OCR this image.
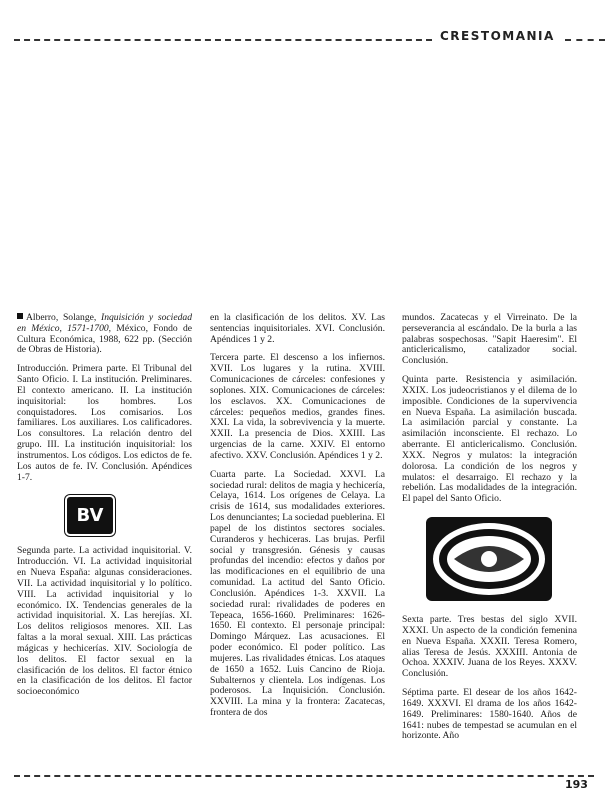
CRESTOMANIA

Alberro, Solange, Inquisición y sociedad en México, 1571-1700, México, Fondo de Cultura Económica, 1988, 622 pp. (Sección de Obras de Historia).

Introducción. Primera parte. El Tribunal del Santo Oficio. I. La institución. Preliminares. El contexto americano. II. La institución inquisitorial: los hombres. Los conquistadores. Los comisarios. Los familiares. Los auxiliares. Los calificadores. Los consultores. La relación dentro del grupo. III. La institución inquisitorial: los instrumentos. Los códigos. Los edictos de fe. Los autos de fe. IV. Conclusión. Apéndices 1-7.

BV

Segunda parte. La actividad inquisitorial. V. Introducción. VI. La actividad inquisitorial en Nueva España: algunas consideraciones. VII. La actividad inquisitorial y lo político. VIII. La actividad inquisitorial y lo económico. IX. Tendencias generales de la actividad inquisitorial. X. Las herejías. XI. Los delitos religiosos menores. XII. Las faltas a la moral sexual. XIII. Las prácticas mágicas y hechicerías. XIV. Sociología de los delitos. El factor sexual en la clasificación de los delitos. El factor étnico en la clasificación de los delitos. El factor socioeconómico

en la clasificación de los delitos. XV. Las sentencias inquisitoriales. XVI. Conclusión. Apéndices 1 y 2.

Tercera parte. El descenso a los infiernos. XVII. Los lugares y la rutina. XVIII. Comunicaciones de cárceles: confesiones y soplones. XIX. Comunicaciones de cárceles: los esclavos. XX. Comunicaciones de cárceles: pequeños medios, grandes fines. XXI. La vida, la sobrevivencia y la muerte. XXII. La presencia de Dios. XXIII. Las urgencias de la carne. XXIV. El entorno afectivo. XXV. Conclusión. Apéndices 1 y 2.

Cuarta parte. La Sociedad. XXVI. La sociedad rural: delitos de magia y hechicería, Celaya, 1614. Los orígenes de Celaya. La crisis de 1614, sus modalidades exteriores. Los denunciantes; La sociedad pueblerina. El papel de los distintos sectores sociales. Curanderos y hechiceras. Las brujas. Perfil social y transgresión. Génesis y causas profundas del incendio: efectos y daños por las modificaciones en el equilibrio de una comunidad. La actitud del Santo Oficio. Conclusión. Apéndices 1-3. XXVII. La sociedad rural: rivalidades de poderes en Tepeaca, 1656-1660. Preliminares: 1626-1650. El contexto. El personaje principal: Domingo Márquez. Las acusaciones. El poder económico. El poder político. Las mujeres. Las rivalidades étnicas. Los ataques de 1650 a 1652. Luis Cancino de Rioja. Subalternos y clientela. Los indígenas. Los poderosos. La Inquisición. Conclusión. XXVIII. La mina y la frontera: Zacatecas, frontera de dos

mundos. Zacatecas y el Virreinato. De la perseverancia al escándalo. De la burla a las palabras sospechosas. "Sapit Haeresim". El anticlericalismo, catalizador social. Conclusión.

Quinta parte. Resistencia y asimilación. XXIX. Los judeocristianos y el dilema de lo imposible. Condiciones de la supervivencia en Nueva España. La asimilación buscada. La asimilación parcial y constante. La asimilación inconsciente. El rechazo. Lo aberrante. El anticlericalismo. Conclusión. XXX. Negros y mulatos: la integración dolorosa. La condición de los negros y mulatos: el desarraigo. El rechazo y la rebelión. Las modalidades de la integración. El papel del Santo Oficio.

Sexta parte. Tres bestas del siglo XVII. XXXI. Un aspecto de la condición femenina en Nueva España. XXXII. Teresa Romero, alias Teresa de Jesús. XXXIII. Antonia de Ochoa. XXXIV. Juana de los Reyes. XXXV. Conclusión.

Séptima parte. El desear de los años 1642-1649. XXXVI. El drama de los años 1642-1649. Preliminares: 1580-1640. Años de 1641: nubes de tempestad se acumulan en el horizonte. Año

193
